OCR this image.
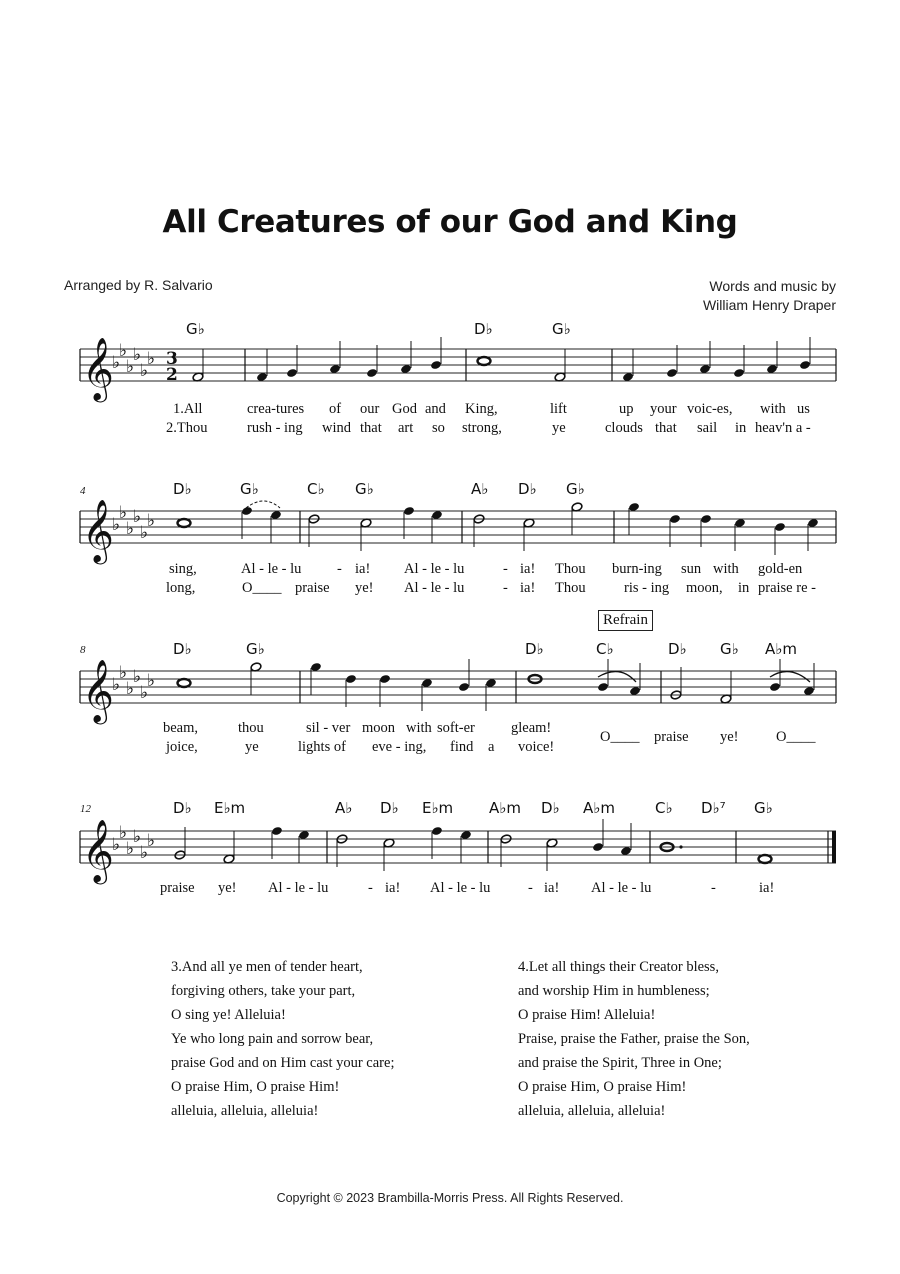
All Creatures of our God and King
Arranged by R. Salvario	Words and music by
William Henry Draper
G♭	D♭	G♭
𝄞
♭
♭
♭
♭
♭
♭ 3
2
1.All	crea-tures of our God and King,	lift	up your voic-es, with us
2.Thou	rush - ing wind that art so strong,	ye	clouds that sail in heav'n a -
4	D♭	G♭	C♭ G♭	A♭ D♭ G♭
𝄞
♭
♭
♭
♭
♭
♭
sing,	Al - le - lu - ia! Al - le - lu	- ia! Thou burn-ing sun with gold-en
long,	O____ praise ye! Al - le - lu	- ia! Thou	ris - ing moon, in praise re -
Refrain
8	D♭	G♭	D♭	C♭	D♭ G♭ A♭m
𝄞
♭
♭
♭
♭
♭
♭
beam,	thou	sil - ver moon with soft-er gleam!
O____ praise ye!	O____
joice,	ye	lights of eve - ing, find a voice!
12	D♭ E♭m	A♭ D♭ E♭m A♭m D♭ A♭m	C♭ D♭⁷ G♭
𝄞
♭
♭
♭
♭
♭
♭
praise ye! Al - le - lu	- ia! Al - le - lu	- ia! Al - le - lu	-	ia!
3.And all ye men of tender heart,
forgiving others, take your part,
O sing ye! Alleluia!
Ye who long pain and sorrow bear,
praise God and on Him cast your care;
O praise Him, O praise Him!
alleluia, alleluia, alleluia!
4.Let all things their Creator bless,
and worship Him in humbleness;
O praise Him! Alleluia!
Praise, praise the Father, praise the Son,
and praise the Spirit, Three in One;
O praise Him, O praise Him!
alleluia, alleluia, alleluia!
Copyright © 2023 Brambilla-Morris Press. All Rights Reserved.
